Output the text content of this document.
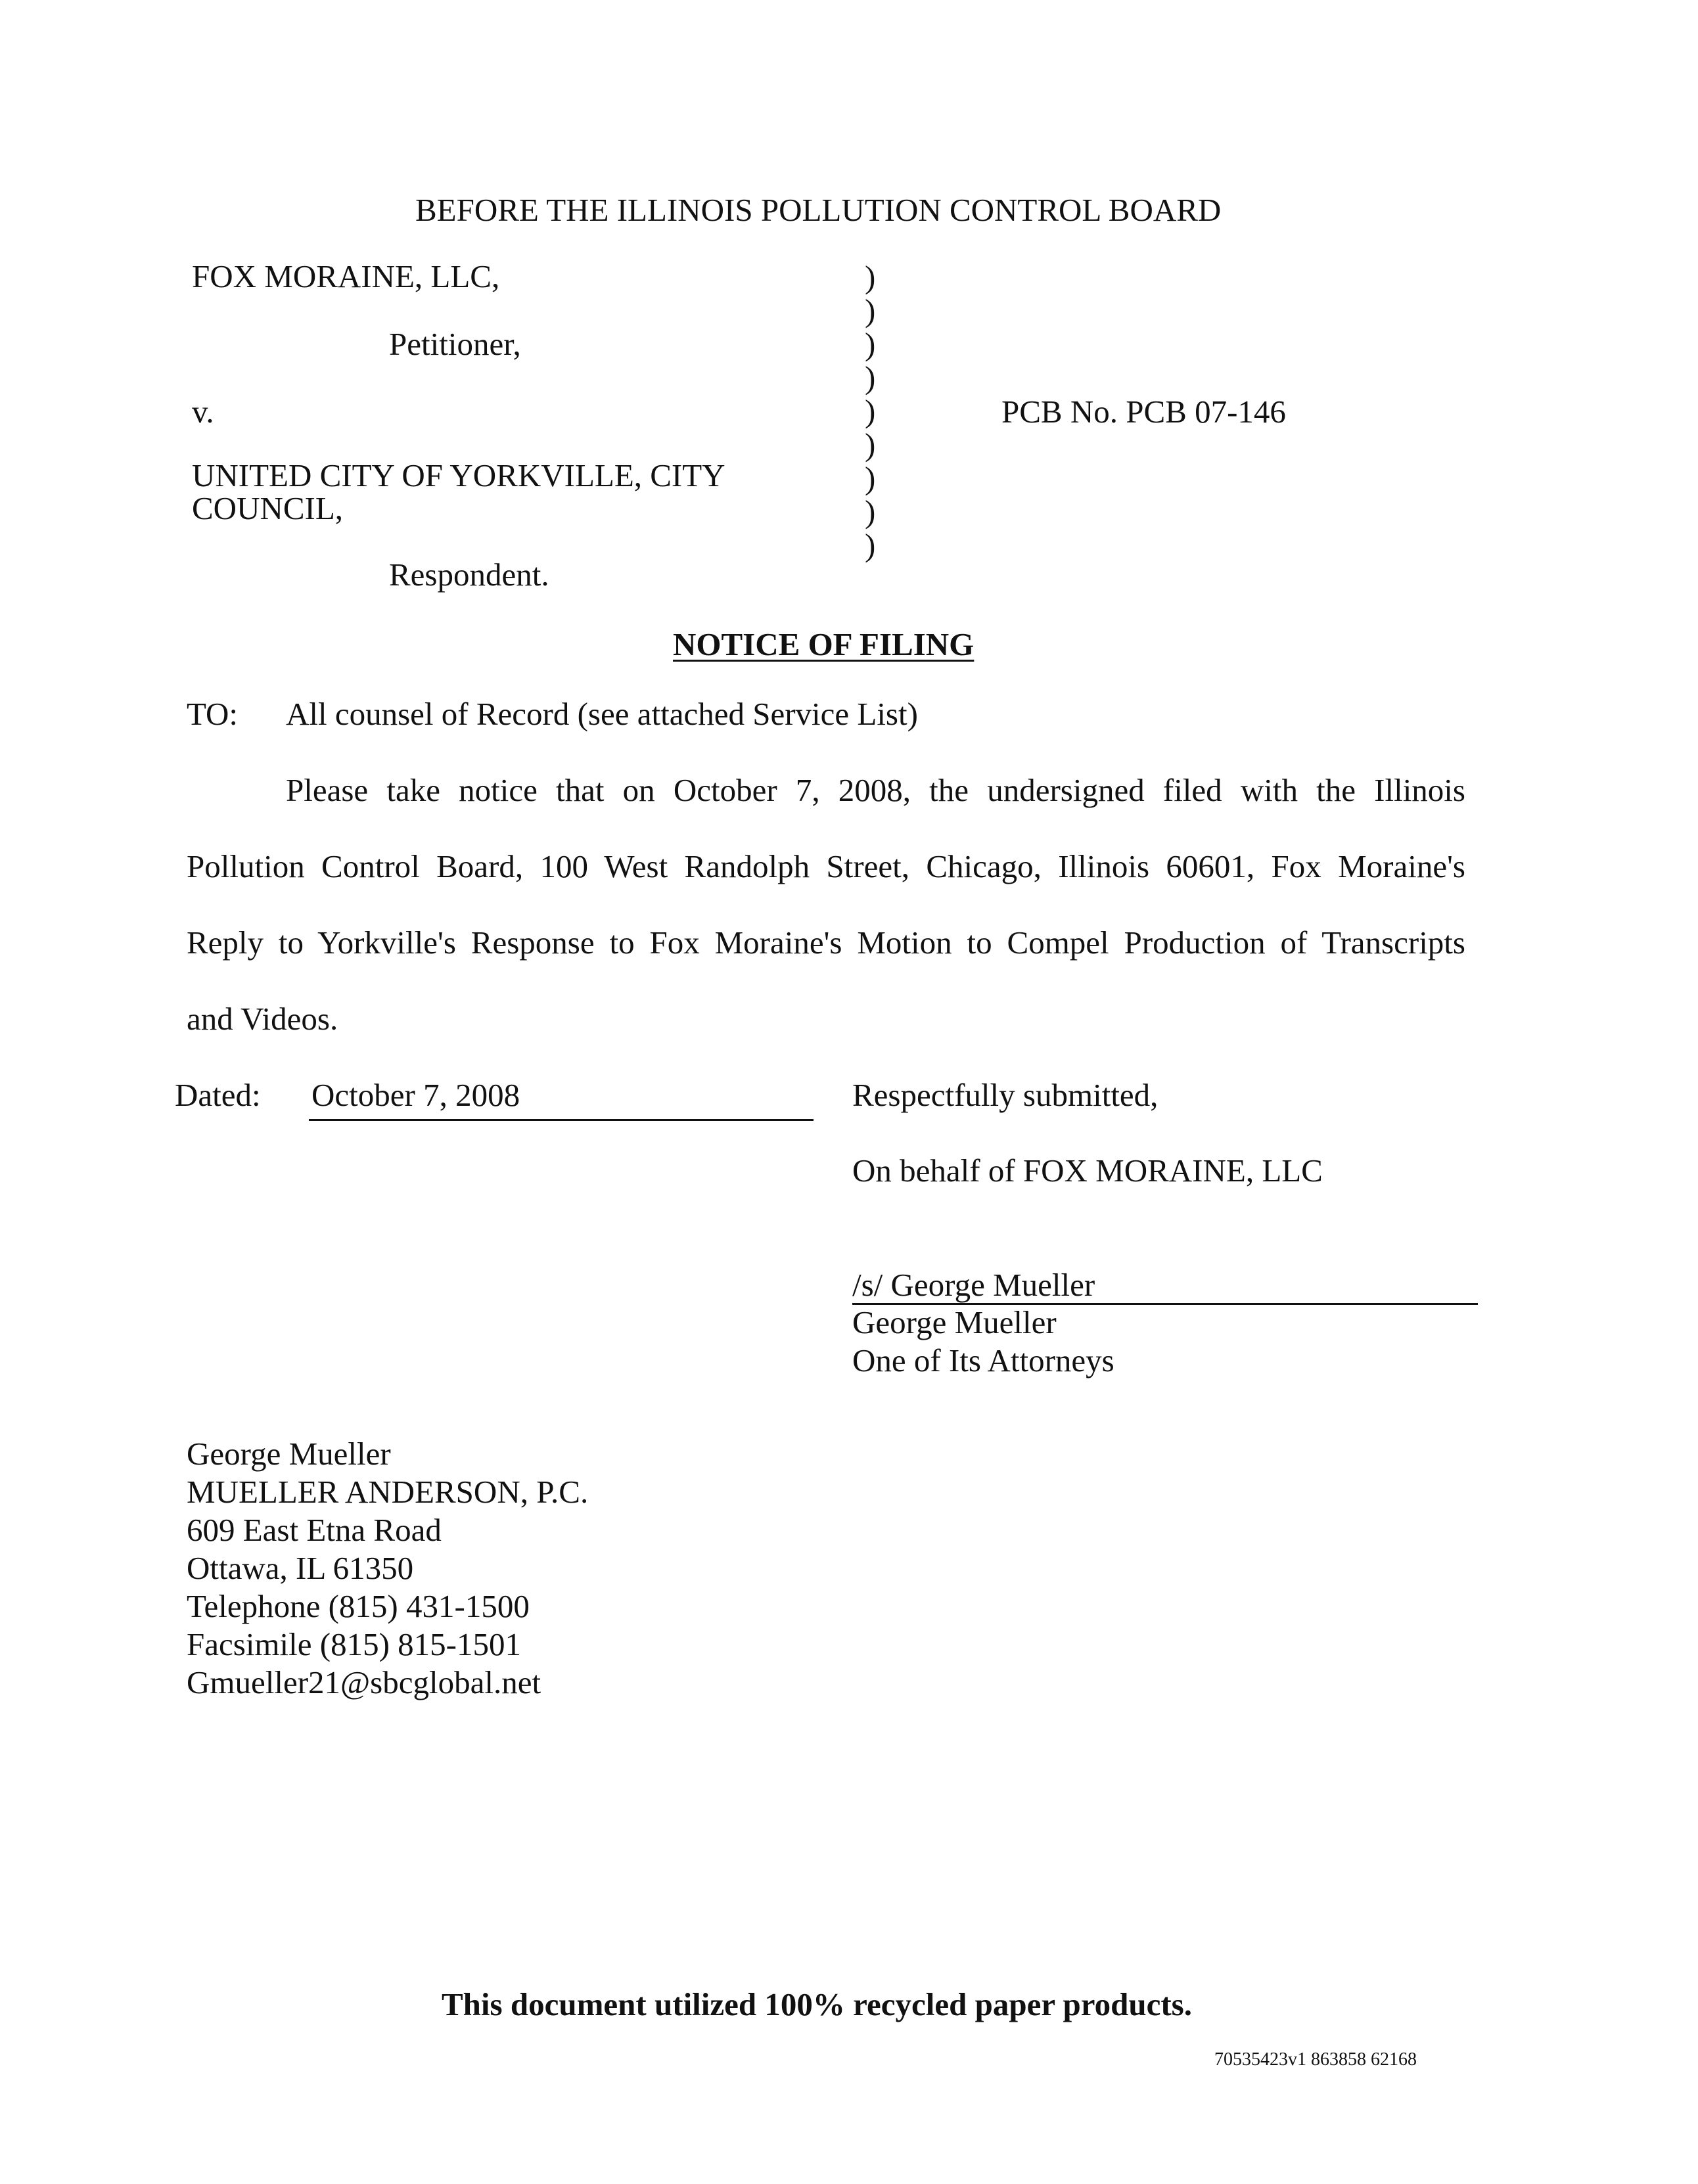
BEFORE THE ILLINOIS POLLUTION CONTROL BOARD
FOX MORAINE, LLC,
Petitioner,
v.
UNITED CITY OF YORKVILLE, CITY
COUNCIL,
Respondent.
)
)
)
)
)
)
)
)
)
PCB No. PCB 07-146
NOTICE OF FILING
TO: All counsel of Record (see attached Service List)
Please take notice that on October 7, 2008, the undersigned filed with the Illinois
Pollution Control Board, 100 West Randolph Street, Chicago, Illinois 60601, Fox Moraine's
Reply to Yorkville's Response to Fox Moraine's Motion to Compel Production of Transcripts
and Videos.
Dated: October 7, 2008	Respectfully submitted,
On behalf of FOX MORAINE, LLC
/s/ George Mueller
George Mueller
One of Its Attorneys
George Mueller
MUELLER ANDERSON, P.C.
609 East Etna Road
Ottawa, IL 61350
Telephone (815) 431-1500
Facsimile (815) 815-1501
Gmueller21@sbcglobal.net
This document utilized 100% recycled paper products.
70535423v1 863858 62168
